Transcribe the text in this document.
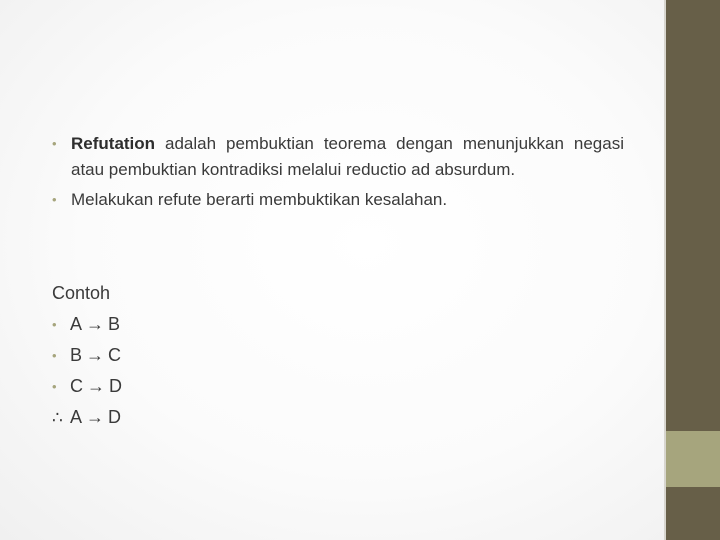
• Refutation adalah pembuktian teorema dengan menunjukkan negasi atau pembuktian kontradiksi melalui reductio ad absurdum.
• Melakukan refute berarti membuktikan kesalahan.
Contoh
• A → B
• B → C
• C → D
∴ A → D
